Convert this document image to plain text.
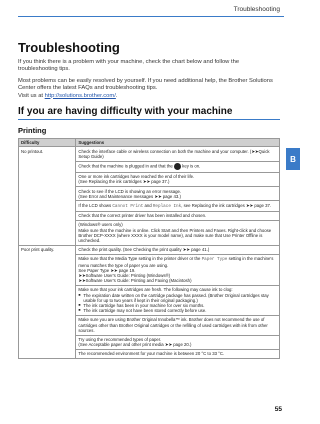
Troubleshooting
B
Troubleshooting

If you think there is a problem with your machine, check the chart below and follow the troubleshooting tips.

Most problems can be easily resolved by yourself. If you need additional help, the Brother Solutions Center offers the latest FAQs and troubleshooting tips.
Visit us at http://solutions.brother.com/.

If you are having difficulty with your machine
Printing
Difficulty	Suggestions
No printout.	Check the interface cable or wireless connection on both the machine and your computer. (➤➤Quick Setup Guide)
	Check that the machine is plugged in and that the key is on.
	One or more ink cartridges have reached the end of their life.
(See Replacing the ink cartridges ➤➤ page 37.)
	Check to see if the LCD is showing an error message.
(See Error and Maintenance messages ➤➤ page 43.)
	If the LCD shows Cannot Print and Replace Ink, see Replacing the ink cartridges ➤➤ page 37.
	Check that the correct printer driver has been installed and chosen.
	(Windows® users only)
Make sure that the machine is online. Click Start and then Printers and Faxes. Right-click and choose Brother DCP-XXXX (where XXXX is your model name), and make sure that Use Printer Offline is unchecked.
Poor print quality.	Check the print quality. (See Checking the print quality ➤➤ page 41.)
	Make sure that the Media Type setting in the printer driver or the Paper Type setting in the machine's menu matches the type of paper you are using.
See Paper Type ➤➤ page 19.
➤➤Software User's Guide: Printing (Windows®)
➤➤Software User's Guide: Printing and Faxing (Macintosh)
	Make sure that your ink cartridges are fresh. The following may cause ink to clog:
■ The expiration date written on the cartridge package has passed. (Brother Original cartridges stay usable for up to two years if kept in their original packaging.)
■ The ink cartridge has been in your machine for over six months.
■ The ink cartridge may not have been stored correctly before use.

	Make sure you are using Brother Original Innobella™ ink. Brother does not recommend the use of cartridges other than Brother Original cartridges or the refilling of used cartridges with ink from other sources.
	Try using the recommended types of paper.
(See Acceptable paper and other print media ➤➤ page 20.)
	The recommended environment for your machine is between 20 °C to 33 °C.
55
